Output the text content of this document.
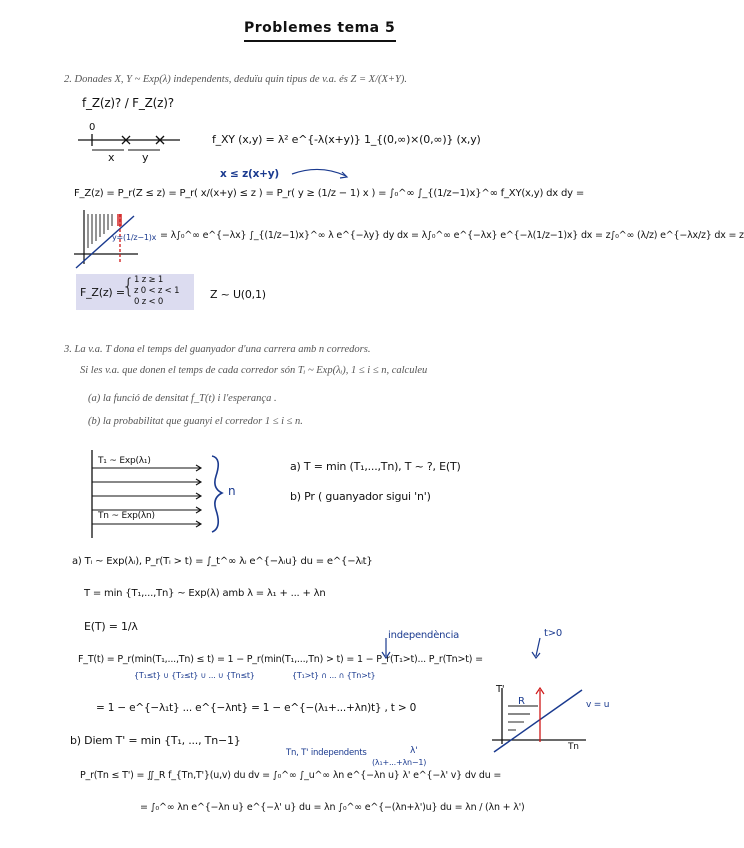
Problemes tema 5
2. Donades X, Y ~ Exp(λ) independents, deduïu quin tipus de v.a. és Z = X/(X+Y).
f_Z(z)? / F_Z(z)?
0
x	y
f_XY (x,y) = λ² e^{-λ(x+y)} 1_{(0,∞)×(0,∞)} (x,y)
x ≤ z(x+y)
F_Z(z) = P_r(Z ≤ z) = P_r( x/(x+y) ≤ z ) = P_r( y ≥ (1/z − 1) x ) = ∫₀^∞ ∫_{(1/z−1)x}^∞ f_XY(x,y) dx dy =
y=(1/z−1)x = λ∫₀^∞ e^{−λx} ∫_{(1/z−1)x}^∞ λ e^{−λy} dy dx = λ∫₀^∞ e^{−λx} e^{−λ(1/z−1)x} dx = z∫₀^∞ (λ/z) e^{−λx/z} dx = z
F_Z(z) =
{ 1 z ≥ 1
z 0 < z < 1
0 z < 0
Z ~ U(0,1)
3. La v.a. T dona el temps del guanyador d'una carrera amb n corredors.
Si les v.a. que donen el temps de cada corredor són Tᵢ ~ Exp(λᵢ), 1 ≤ i ≤ n, calculeu
(a) la funció de densitat f_T(t) i l'esperança .
(b) la probabilitat que guanyi el corredor 1 ≤ i ≤ n.
T₁ ~ Exp(λ₁)
Tn ~ Exp(λn)
n
a) T = min (T₁,...,Tn), T ~ ?, E(T)
b) Pr ( guanyador sigui 'n')
a) Tᵢ ~ Exp(λᵢ), P_r(Tᵢ > t) = ∫_t^∞ λᵢ e^{−λᵢu} du = e^{−λᵢt}
T = min {T₁,...,Tn} ~ Exp(λ) amb λ = λ₁ + ... + λn
E(T) = 1/λ
independència	t>0
F_T(t) = P_r(min(T₁,...,Tn) ≤ t) = 1 − P_r(min(T₁,...,Tn) > t) = 1 − P_r(T₁>t)... P_r(Tn>t) =
{T₁≤t} ∪ {T₂≤t} ∪ ... ∪ {Tn≤t}	{T₁>t} ∩ ... ∩ {Tn>t}
= 1 − e^{−λ₁t} ... e^{−λnt} = 1 − e^{−(λ₁+...+λn)t} , t > 0
T'
Tn
R	v = u
b) Diem T' = min {T₁, ..., Tn−1}
Tn, T' independents	λ'
(λ₁+...+λn−1)
P_r(Tn ≤ T') = ∬_R f_{Tn,T'}(u,v) du dv = ∫₀^∞ ∫_u^∞ λn e^{−λn u} λ' e^{−λ' v} dv du =
= ∫₀^∞ λn e^{−λn u} e^{−λ' u} du = λn ∫₀^∞ e^{−(λn+λ')u} du = λn / (λn + λ')
